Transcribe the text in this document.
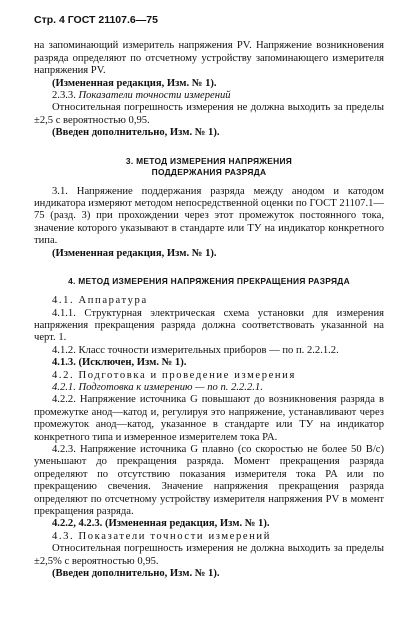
Стр. 4 ГОСТ 21107.6—75

на запоминающий измеритель напряжения PV. Напряжение возникновения разряда определяют по отсчетному устройству запоминающего измерителя напряжения PV.

(Измененная редакция, Изм. № 1).

2.3.3. Показатели точности измерений

Относительная погрешность измерения не должна выходить за пределы ±2,5 с вероятностью 0,95.

(Введен дополнительно, Изм. № 1).

3. МЕТОД ИЗМЕРЕНИЯ НАПРЯЖЕНИЯ
ПОДДЕРЖАНИЯ РАЗРЯДА

3.1. Напряжение поддержания разряда между анодом и катодом индикатора измеряют методом непосредственной оценки по ГОСТ 21107.1—75 (разд. 3) при прохождении через этот промежуток постоянного тока, значение которого указывают в стандарте или ТУ на индикатор конкретного типа.

(Измененная редакция, Изм. № 1).

4. МЕТОД ИЗМЕРЕНИЯ НАПРЯЖЕНИЯ ПРЕКРАЩЕНИЯ РАЗРЯДА

4.1. Аппаратура

4.1.1. Структурная электрическая схема установки для измерения напряжения прекращения разряда должна соответствовать указанной на черт. 1.

4.1.2. Класс точности измерительных приборов — по п. 2.2.1.2.

4.1.3. (Исключен, Изм. № 1).

4.2. Подготовка и проведение измерения

4.2.1. Подготовка к измерению — по п. 2.2.2.1.

4.2.2. Напряжение источника G повышают до возникновения разряда в промежутке анод—катод и, регулируя это напряжение, устанавливают через промежуток анод—катод, указанное в стандарте или ТУ на индикатор конкретного типа и измеренное измерителем тока PA.

4.2.3. Напряжение источника G плавно (со скоростью не более 50 В/с) уменьшают до прекращения разряда. Момент прекращения разряда определяют по отсутствию показания измерителя тока PA или по прекращению свечения. Значение напряжения прекращения разряда определяют по отсчетному устройству измерителя напряжения PV в момент прекращения разряда.

4.2.2, 4.2.3. (Измененная редакция, Изм. № 1).

4.3. Показатели точности измерений

Относительная погрешность измерения не должна выходить за пределы ±2,5% с вероятностью 0,95.

(Введен дополнительно, Изм. № 1).
